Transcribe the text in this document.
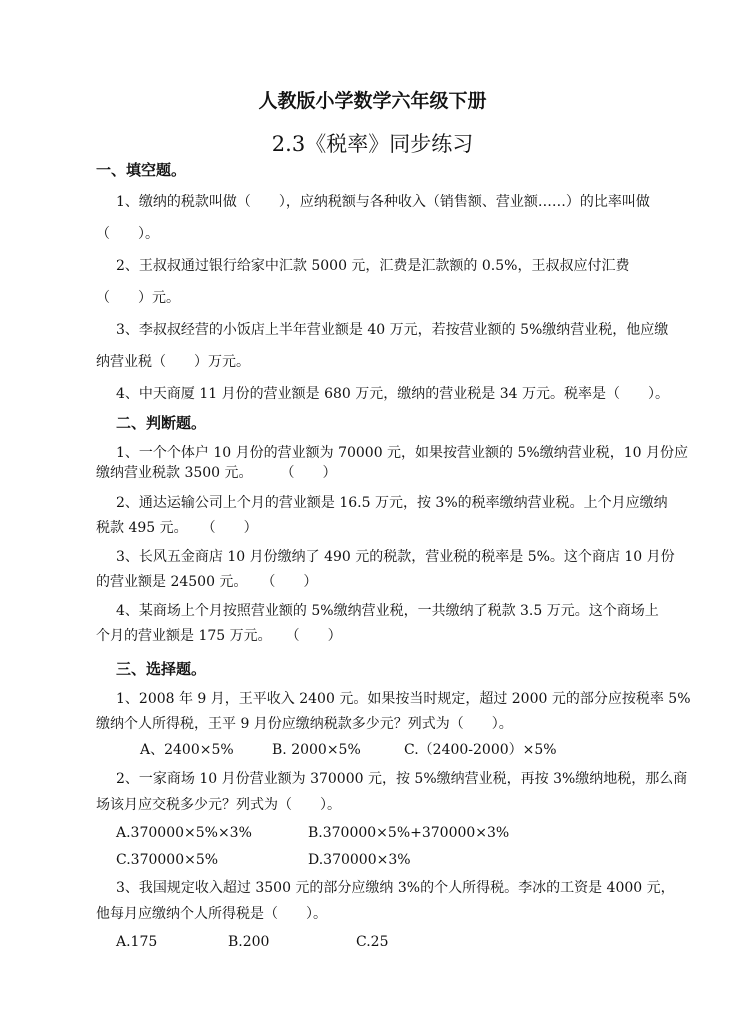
人教版小学数学六年级下册
2.3《税率》同步练习
一、填空题。
1、缴纳的税款叫做（　　），应纳税额与各种收入（销售额、营业额……）的比率叫做
（　　）。
2、王叔叔通过银行给家中汇款 5000 元，汇费是汇款额的 0.5%，王叔叔应付汇费
（　　）元。
3、李叔叔经营的小饭店上半年营业额是 40 万元，若按营业额的 5%缴纳营业税，他应缴
纳营业税（　　）万元。
4、中天商厦 11 月份的营业额是 680 万元，缴纳的营业税是 34 万元。税率是（　　）。
二、判断题。
1、一个个体户 10 月份的营业额为 70000 元，如果按营业额的 5%缴纳营业税，10 月份应
缴纳营业税款 3500 元。　　　（　　）
2、通达运输公司上个月的营业额是 16.5 万元，按 3%的税率缴纳营业税。上个月应缴纳
税款 495 元。　　（　　）
3、长风五金商店 10 月份缴纳了 490 元的税款，营业税的税率是 5%。这个商店 10 月份
的营业额是 24500 元。　　（　　）
4、某商场上个月按照营业额的 5%缴纳营业税，一共缴纳了税款 3.5 万元。这个商场上
个月的营业额是 175 万元。　　（　　）
三、选择题。
1、2008 年 9 月，王平收入 2400 元。如果按当时规定，超过 2000 元的部分应按税率 5%
缴纳个人所得税，王平 9 月份应缴纳税款多少元？列式为（　　）。
A、2400×5%	B. 2000×5%	C.（2400-2000）×5%
2、一家商场 10 月份营业额为 370000 元，按 5%缴纳营业税，再按 3%缴纳地税，那么商
场该月应交税多少元？列式为（　　）。
A.370000×5%×3%	B.370000×5%+370000×3%
C.370000×5%	D.370000×3%
3、我国规定收入超过 3500 元的部分应缴纳 3%的个人所得税。李冰的工资是 4000 元，
他每月应缴纳个人所得税是（　　）。
A.175	B.200	C.25
